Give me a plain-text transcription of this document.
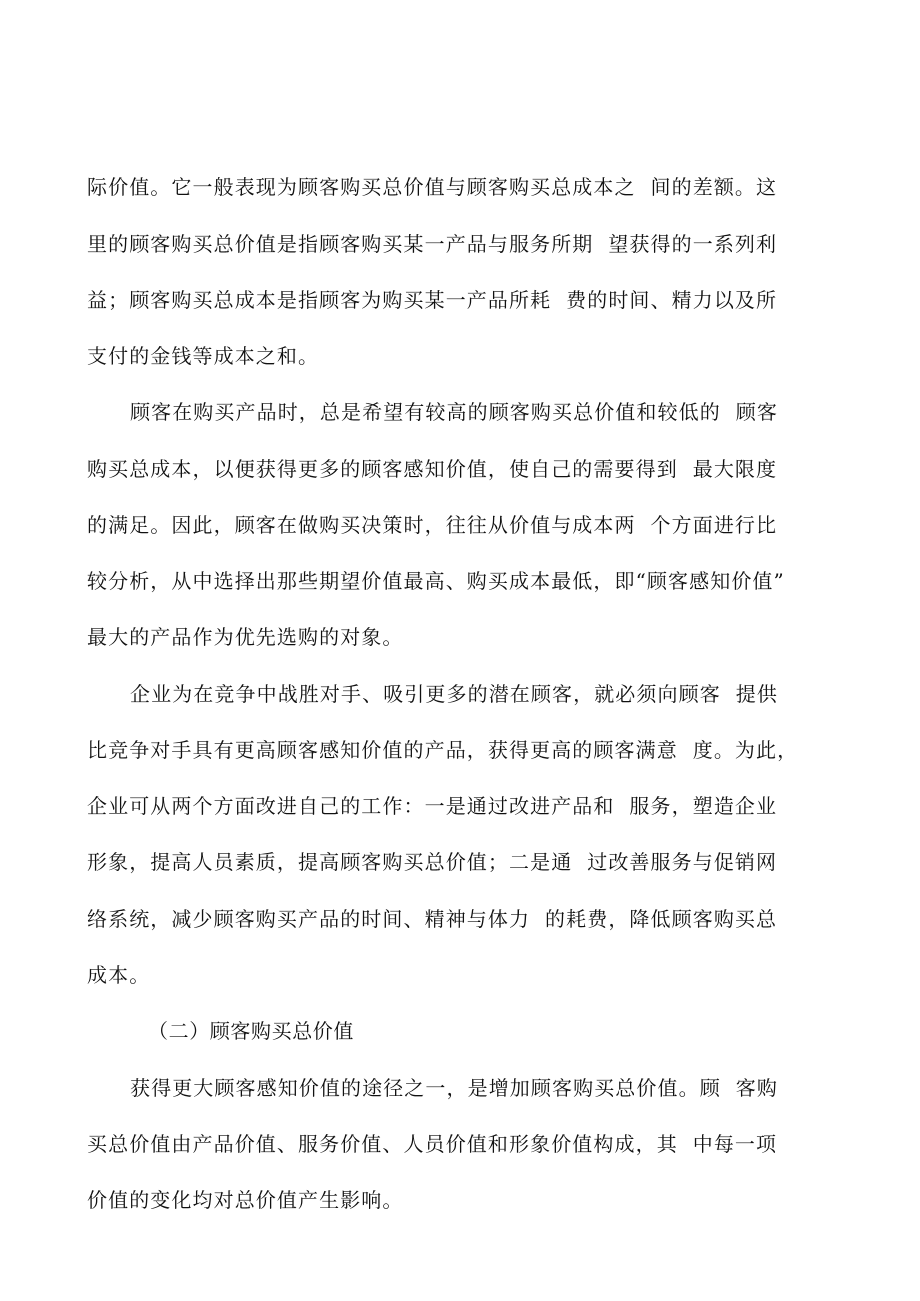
际价值。它一般表现为顾客购买总价值与顾客购买总成本之  间的差额。这

里的顾客购买总价值是指顾客购买某一产品与服务所期  望获得的一系列利

益；顾客购买总成本是指顾客为购买某一产品所耗  费的时间、精力以及所

支付的金钱等成本之和。

顾客在购买产品时，总是希望有较高的顾客购买总价值和较低的  顾客

购买总成本，以便获得更多的顾客感知价值，使自己的需要得到  最大限度

的满足。因此，顾客在做购买决策时，往往从价值与成本两  个方面进行比

较分析，从中选择出那些期望价值最高、购买成本最低，即“顾客感知价值”

最大的产品作为优先选购的对象。

企业为在竞争中战胜对手、吸引更多的潜在顾客，就必须向顾客  提供

比竞争对手具有更高顾客感知价值的产品，获得更高的顾客满意  度。为此，

企业可从两个方面改进自己的工作：一是通过改进产品和  服务，塑造企业

形象，提高人员素质，提高顾客购买总价值；二是通  过改善服务与促销网

络系统，减少顾客购买产品的时间、精神与体力  的耗费，降低顾客购买总

成本。

（二）顾客购买总价值

获得更大顾客感知价值的途径之一，是增加顾客购买总价值。顾  客购

买总价值由产品价值、服务价值、人员价值和形象价值构成，其  中每一项

价值的变化均对总价值产生影响。
